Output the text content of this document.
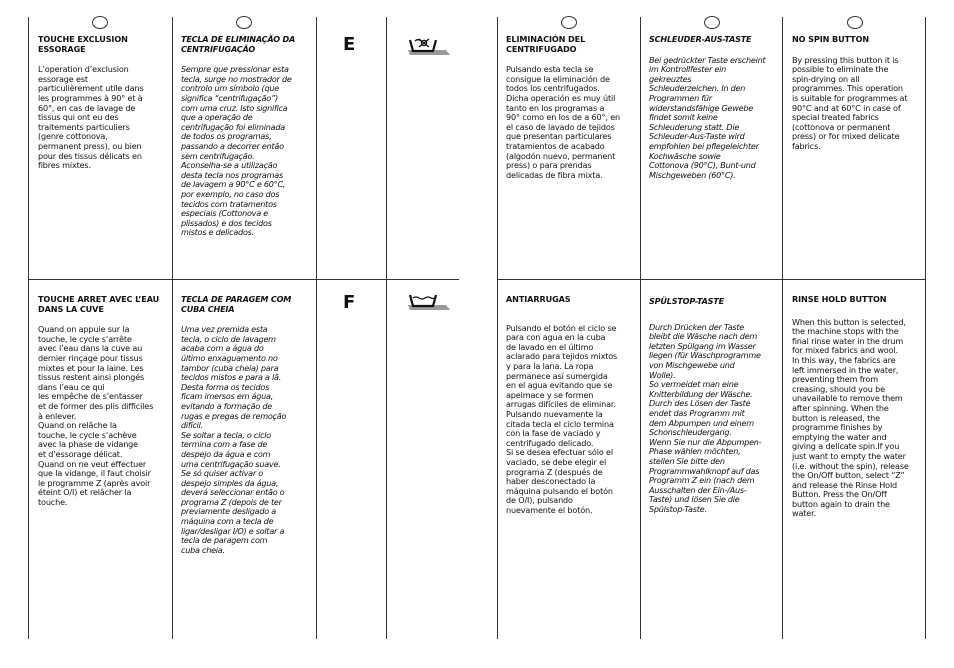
TOUCHE EXCLUSION ESSORAGE
L’operation d’exclusion
essorage est
particulièrement utile dans
les programmes à 90° et à
60°, en cas de lavage de
tissus qui ont eu des
traitements particuliers
(genre cottonova,
permanent press), ou bien
pour des tissus délicats en
fibres mixtes.
TECLA DE ELIMINAÇÃO DA CENTRIFUGAÇÃO
Sempre que pressionar esta
tecla, surge no mostrador de
controlo um símbolo (que
significa “centrifugação”)
com uma cruz. Isto significa
que a operação de
centrifugação foi eliminada
de todos os programas,
passando a decorrer então
sem centrifugação.
Aconselha-se a utilização
desta tecla nos programas
de lavagem a 90°C e 60°C,
por exemplo, no caso dos
tecidos com tratamentos
especiais (Cottonova e
plissados) e dos tecidos
mistos e delicados.
E
TOUCHE ARRET AVEC L’EAU DANS LA CUVE
Quand on appuie sur la
touche, le cycle s’arrête
avec l’eau dans la cuve au
dernier rinçage pour tissus
mixtes et pour la laine. Les
tissus restent ainsi plongés
dans l’eau ce qui
les empêche de s’entasser
et de former des plis difficiles
à enlever.
Quand on relâche la
touche, le cycle s’achève
avec la phase de vidange
et d’essorage délicat.
Quand on ne veut effectuer
que la vidange, il faut choisir
le programme Z (après avoir
éteint O/I) et relâcher la
touche.
TECLA DE PARAGEM COM CUBA CHEIA
Uma vez premida esta
tecla, o ciclo de lavagem
acaba com a água do
último enxaguamento no
tambor (cuba cheia) para
tecidos mistos e para a lã.
Desta forma os tecidos
ficam imersos em água,
evitando a formação de
rugas e pregas de remoção
difícil.
Se soltar a tecla, o ciclo
termina com a fase de
despejo da água e com
uma centrifugação suave.
Se só quiser activar o
despejo simples da água,
deverá seleccionar então o
programa Z (depois de ter
previamente desligado a
máquina com a tecla de
ligar/desligar I/O) e soltar a
tecla de paragem com
cuba cheia.
F
ELIMINACIÓN DEL CENTRIFUGADO
Pulsando esta tecla se
consigue la eliminación de
todos los centrifugados.
Dicha operación es muy útil
tanto en los programas a
90° como en los de a 60°, en
el caso de lavado de tejidos
que presentan particulares
tratamientos de acabado
(algodón nuevo, permanent
press) o para prendas
delicadas de fibra mixta.
SCHLEUDER-AUS-TASTE
Bei gedrückter Taste erscheint
im Kontrollfester ein
gekreuztes
Schleuderzeichen. In den
Programmen für
widerstandsfähige Gewebe
findet somit keine
Schleuderung statt. Die
Schleuder-Aus-Taste wird
empfohlen bei pflegeleichter
Kochwäsche sowie
Cottonova (90°C), Bunt-und
Mischgeweben (60°C).
NO SPIN BUTTON
By pressing this button it is
possible to eliminate the
spin-drying on all
programmes. This operation
is suitable for programmes at
90°C and at 60°C in case of
special treated fabrics
(cottonova or permanent
press) or for mixed delicate
fabrics.
ANTIARRUGAS
Pulsando el botón el ciclo se
para con agua en la cuba
de lavado en el último
aclarado para tejidos mixtos
y para la lana. La ropa
permanece así sumergida
en el agua evitando que se
apelmace y se formen
arrugas difíciles de eliminar.
Pulsando nuevamente la
citada tecla el ciclo termina
con la fase de vaciado y
centrifugado delicado.
Si se desea efectuar sólo el
vaciado, se debe elegir el
programa Z (después de
haber desconectado la
máquina pulsando el botón
de O/I), pulsando
nuevamente el botón.
SPÜLSTOP-TASTE
Durch Drücken der Taste
bleibt die Wäsche nach dem
letzten Spülgang im Wasser
liegen (für Waschprogramme
von Mischgewebe und
Wolle).
So vermeidet man eine
Knitterbildung der Wäsche.
Durch des Lösen der Taste
endet das Programm mit
dem Abpumpen und einem
Schonschleudergang.
Wenn Sie nur die Abpumpen-
Phase wählen möchten,
stellen Sie bitte den
Programmwahlknopf auf das
Programm Z ein (nach dem
Ausschalten der Ein-/Aus-
Taste) und lösen Sie die
Spülstop-Taste.
RINSE HOLD BUTTON
When this button is selected,
the machine stops with the
final rinse water in the drum
for mixed fabrics and wool.
In this way, the fabrics are
left immersed in the water,
preventing them from
creasing, should you be
unavailable to remove them
after spinning. When the
button is released, the
programme finishes by
emptying the water and
giving a delicate spin.If you
just want to empty the water
(i.e. without the spin), release
the On/Off button, select “Z”
and release the Rinse Hold
Button. Press the On/Off
button again to drain the
water.
